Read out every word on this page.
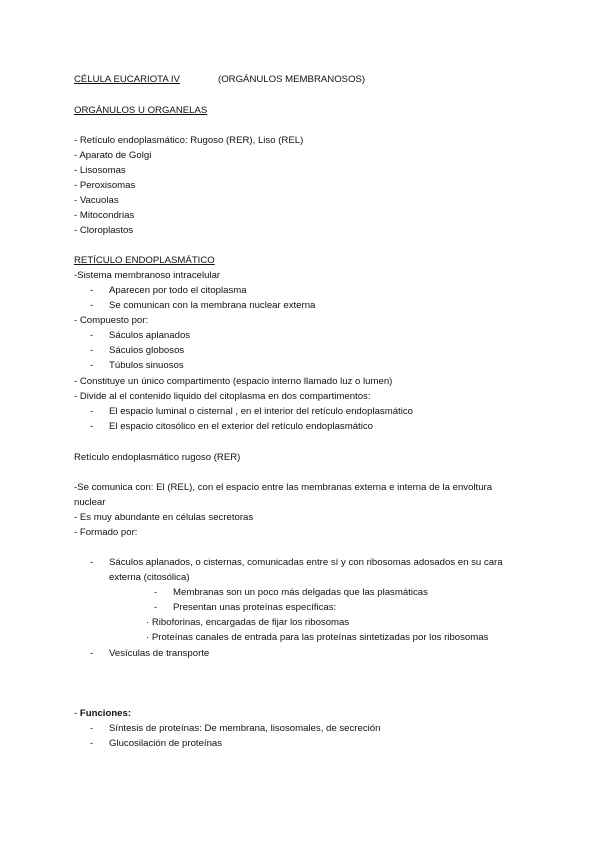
CÉLULA EUCARIOTA IV	(ORGÁNULOS MEMBRANOSOS)
ORGÁNULOS U ORGANELAS
- Retículo endoplasmático: Rugoso (RER), Liso (REL)
- Aparato de Golgi
- Lisosomas
- Peroxisomas
- Vacuolas
- Mitocondrias
- Cloroplastos
RETÍCULO ENDOPLASMÁTICO
-Sistema membranoso intracelular
- Aparecen por todo el citoplasma
- Se comunican con la membrana nuclear externa
- Compuesto por:
- Sáculos aplanados
- Sáculos globosos
- Túbulos sinuosos
- Constituye un único compartimento (espacio interno llamado luz o lumen)
- Divide al el contenido liquido del citoplasma en dos compartimentos:
- El espacio luminal o cisternal , en el interior del retículo endoplasmático
- El espacio citosólico en el exterior del retículo endoplasmático
Retículo endoplasmático rugoso (RER)
-Se comunica con: El (REL), con el espacio entre las membranas externa e interna de la envoltura
nuclear
- Es muy abundante en células secretoras
- Formado por:
- Sáculos aplanados, o cisternas, comunicadas entre sí y con ribosomas adosados en su cara
externa (citosólica)
- Membranas son un poco más delgadas que las plasmáticas
- Presentan unas proteínas específicas:
· Riboforinas, encargadas de fijar los ribosomas
· Proteínas canales de entrada para las proteínas sintetizadas por los ribosomas
- Vesículas de transporte
- Funciones:
- Síntesis de proteínas: De membrana, lisosomales, de secreción
- Glucosilación de proteínas
